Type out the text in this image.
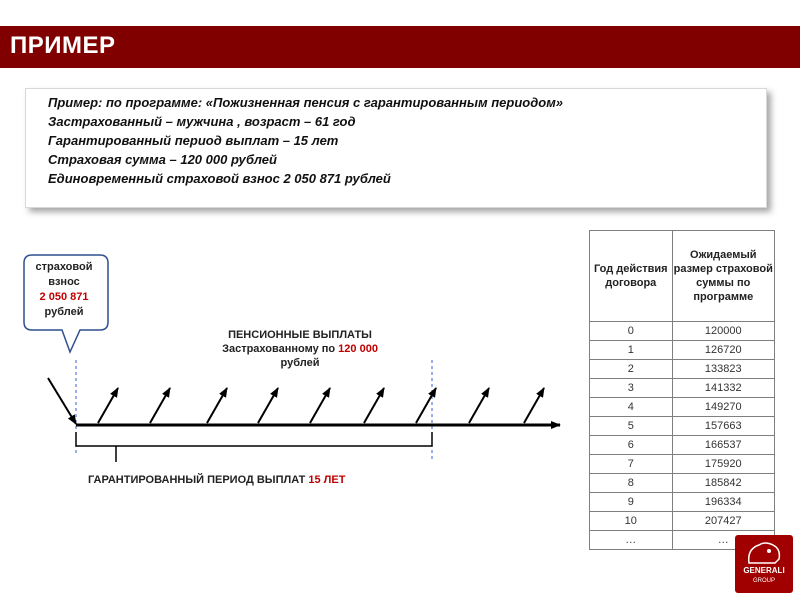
ПРИМЕР
Пример: по программе: «Пожизненная пенсия с гарантированным периодом»
Застрахованный – мужчина , возраст – 61 год
Гарантированный период выплат – 15 лет
Страховая сумма – 120 000 рублей
Единовременный страховой взнос 2 050 871 рублей
страховой взнос
2 050 871
рублей
ПЕНСИОННЫЕ ВЫПЛАТЫ
Застрахованному по 120 000
рублей
ГАРАНТИРОВАННЫЙ ПЕРИОД ВЫПЛАТ 15 ЛЕТ
Год действия договора	Ожидаемый размер страховой суммы по программе
0	120000
1	126720
2	133823
3	141332
4	149270
5	157663
6	166537
7	175920
8	185842
9	196334
10	207427
…	…
GENERALI
GROUP
